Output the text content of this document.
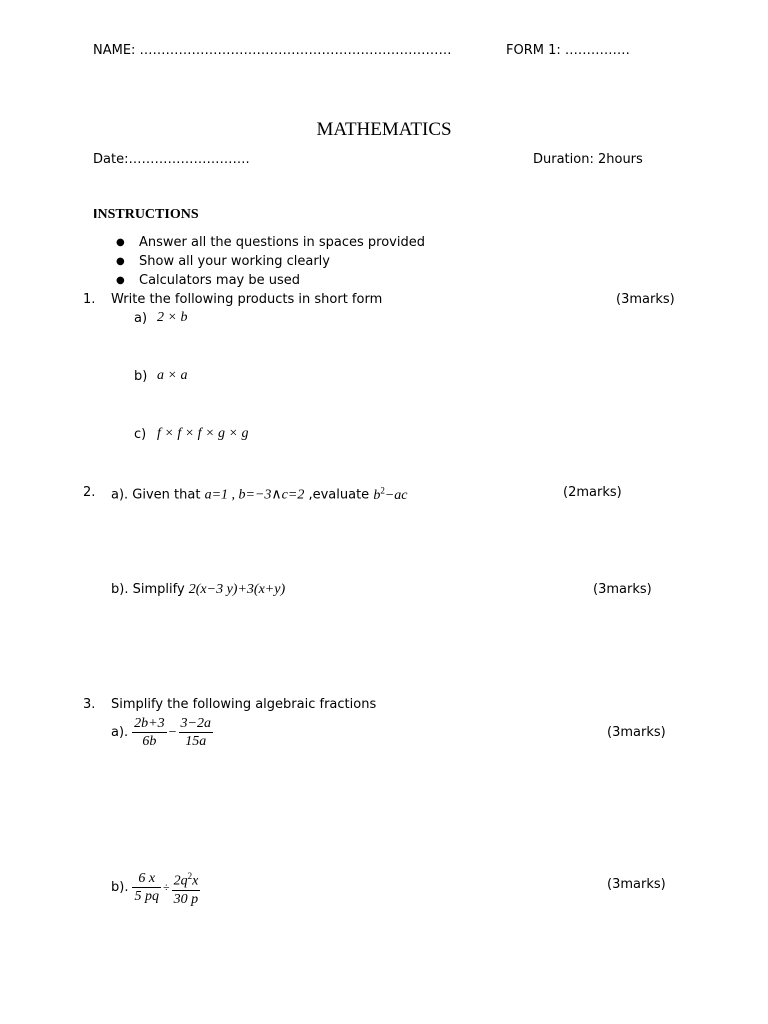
NAME: ………………………………………………………………	FORM 1: ……………
MATHEMATICS
Date:……………………….	Duration: 2hours
INSTRUCTIONS
● Answer all the questions in spaces provided
● Show all your working clearly
● Calculators may be used
1. Write the following products in short form	(3marks)
a) 2 × b
b) a × a
c) f × f × f × g × g
2. a). Given that a=1 , b=−3∧c=2 ,evaluate $b^2-ac$	(2marks)
b). Simplify 2(x−3 y)+3(x+y)	(3marks)
3. Simplify the following algebraic fractions
a). $\frac{2b+3}{6b} - \frac{3-2a}{15a}$	(3marks)
b). $\frac{6 x}{5 pq} \div \frac{2q^2x}{30 p}$	(3marks)
